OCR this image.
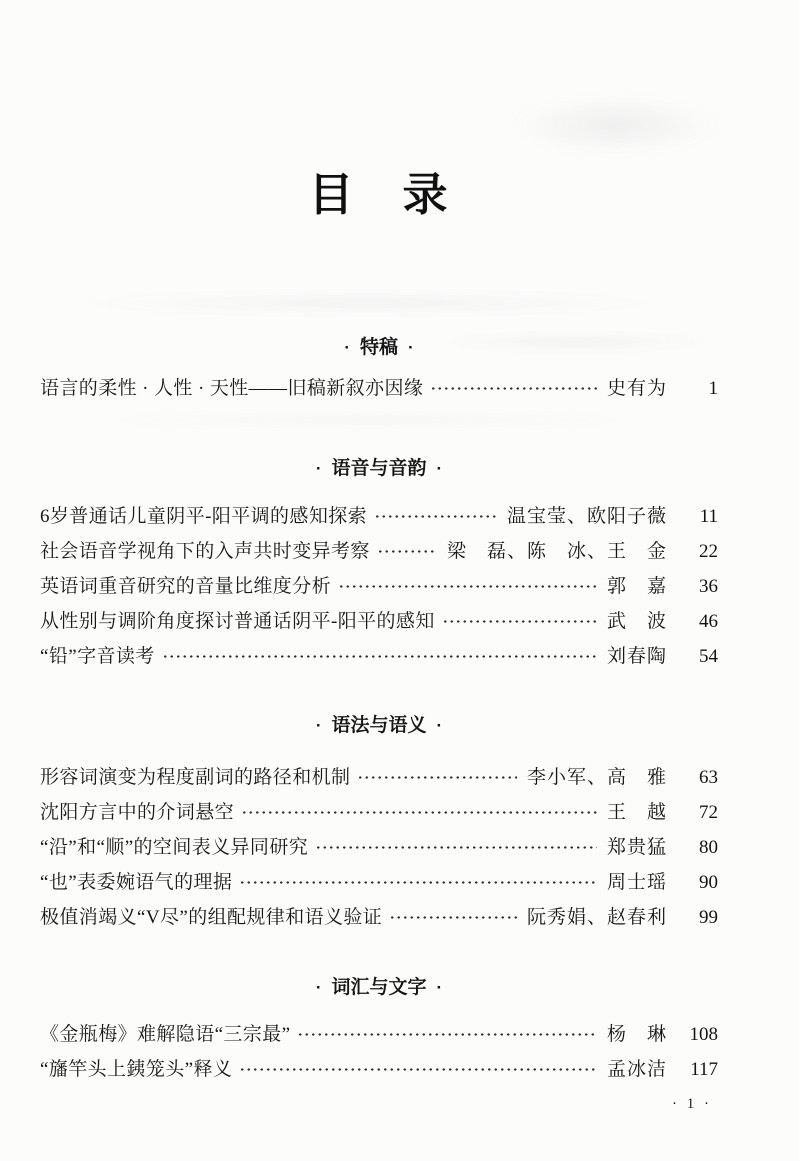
目　录
· 特稿 ·
语言的柔性 · 人性 · 天性——旧稿新叙亦因缘	史有为	1
· 语音与音韵 ·
6岁普通话儿童阴平-阳平调的感知探索	温宝莹、欧阳子薇	11
社会语音学视角下的入声共时变异考察	梁　磊、陈　冰、王　金	22
英语词重音研究的音量比维度分析	郭　嘉	36
从性别与调阶角度探讨普通话阴平-阳平的感知	武　波	46
“铅”字音读考	刘春陶	54
· 语法与语义 ·
形容词演变为程度副词的路径和机制	李小军、高　雅	63
沈阳方言中的介词悬空	王　越	72
“沿”和“顺”的空间表义异同研究	郑贵猛	80
“也”表委婉语气的理据	周士瑶	90
极值消竭义“V尽”的组配规律和语义验证	阮秀娟、赵春利	99
· 词汇与文字 ·
《金瓶梅》难解隐语“三宗最”	杨　琳	108
“旛竿头上銕笼头”释义	孟冰洁	117
· 1 ·
